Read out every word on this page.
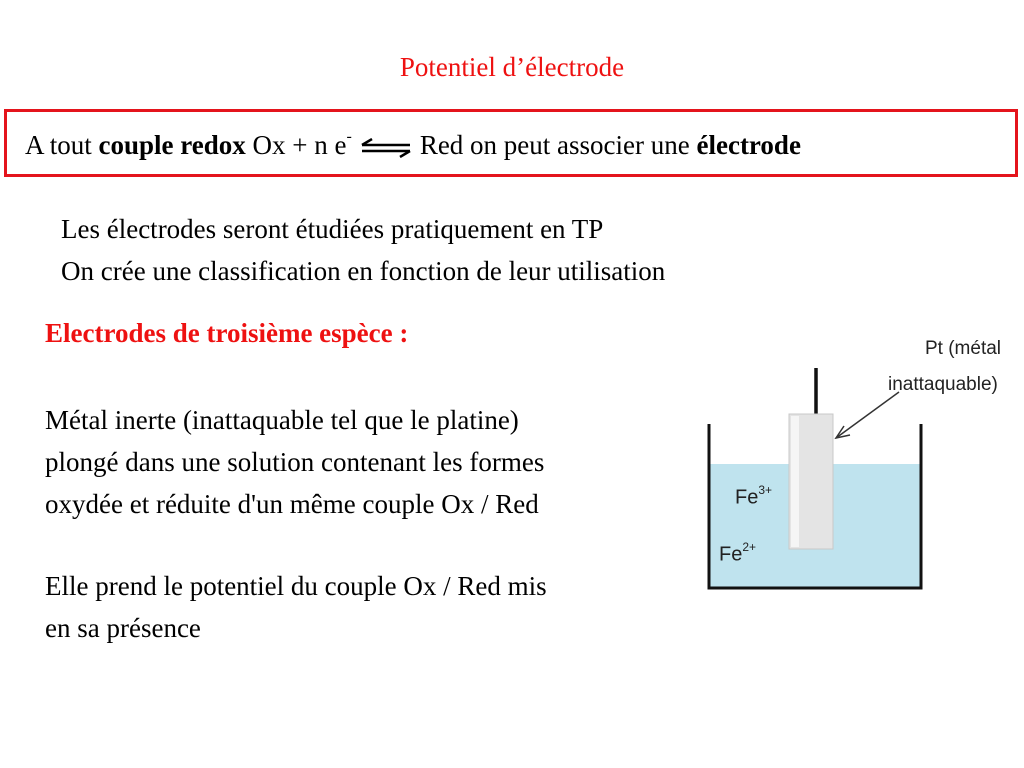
Potentiel d’électrode
A tout couple redox Ox + n e- ⇌ Red on peut associer une électrode
Les électrodes seront étudiées pratiquement en TP
On crée une classification en fonction de leur utilisation
Electrodes de troisième espèce :
Métal inerte (inattaquable tel que le platine)
plongé dans une solution contenant les formes
oxydée et réduite d'un même couple Ox / Red
Elle prend le potentiel du couple Ox / Red mis
en sa présence
Pt (métal
inattaquable)
$Fe^{3+}$
$Fe^{2+}$
